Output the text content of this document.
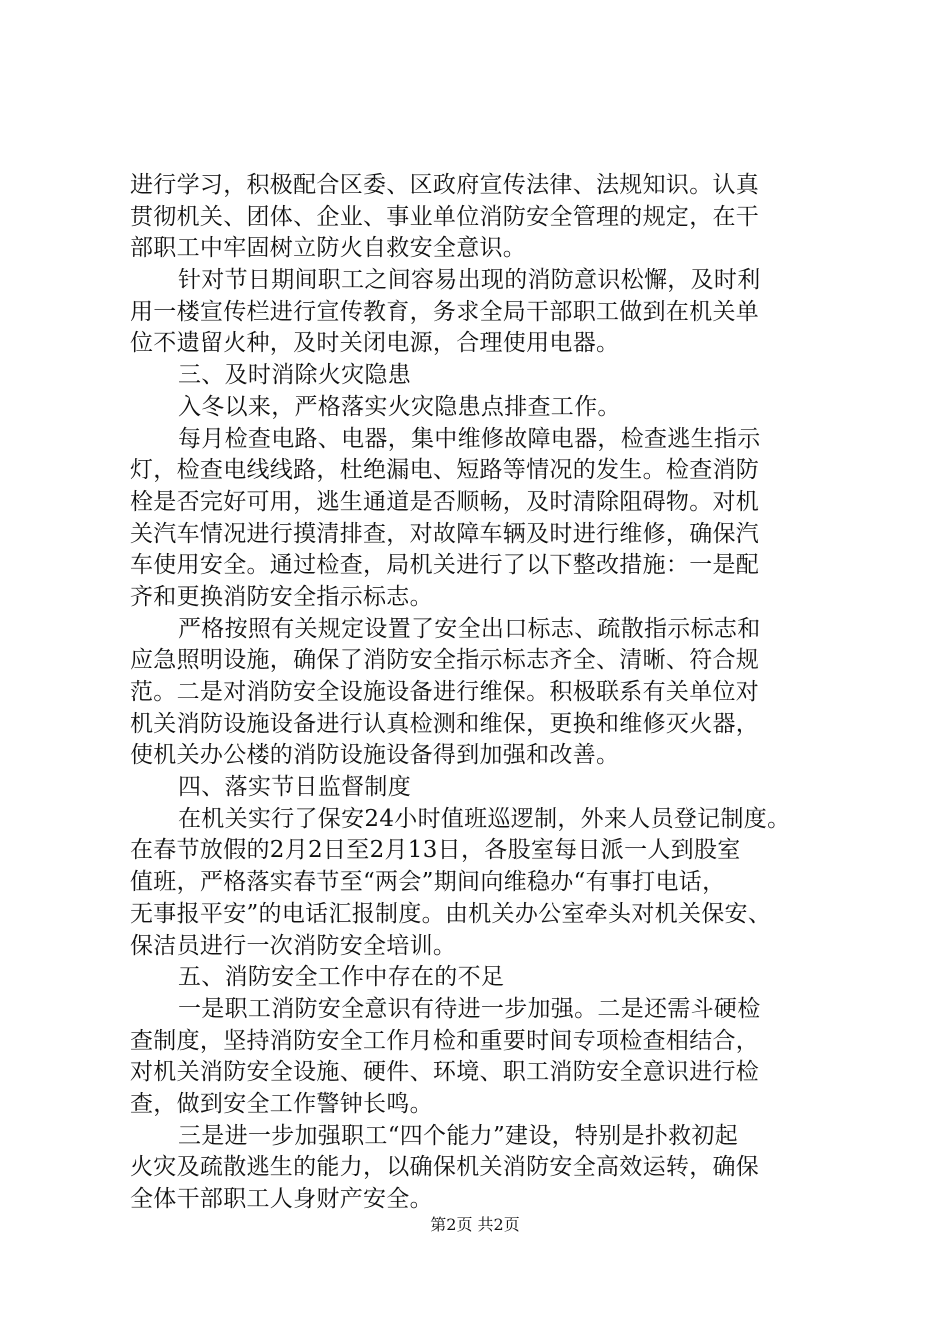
进行学习，积极配合区委、区政府宣传法律、法规知识。认真
贯彻机关、团体、企业、事业单位消防安全管理的规定，在干
部职工中牢固树立防火自救安全意识。
针对节日期间职工之间容易出现的消防意识松懈，及时利
用一楼宣传栏进行宣传教育，务求全局干部职工做到在机关单
位不遗留火种，及时关闭电源，合理使用电器。
三、及时消除火灾隐患
入冬以来，严格落实火灾隐患点排查工作。
每月检查电路、电器，集中维修故障电器，检查逃生指示
灯，检查电线线路，杜绝漏电、短路等情况的发生。检查消防
栓是否完好可用，逃生通道是否顺畅，及时清除阻碍物。对机
关汽车情况进行摸清排查，对故障车辆及时进行维修，确保汽
车使用安全。通过检查，局机关进行了以下整改措施：一是配
齐和更换消防安全指示标志。
严格按照有关规定设置了安全出口标志、疏散指示标志和
应急照明设施，确保了消防安全指示标志齐全、清晰、符合规
范。二是对消防安全设施设备进行维保。积极联系有关单位对
机关消防设施设备进行认真检测和维保，更换和维修灭火器，
使机关办公楼的消防设施设备得到加强和改善。
四、落实节日监督制度
在机关实行了保安24小时值班巡逻制，外来人员登记制度。
在春节放假的2月2日至2月13日，各股室每日派一人到股室
值班，严格落实春节至“两会”期间向维稳办“有事打电话，
无事报平安”的电话汇报制度。由机关办公室牵头对机关保安、
保洁员进行一次消防安全培训。
五、消防安全工作中存在的不足
一是职工消防安全意识有待进一步加强。二是还需斗硬检
查制度，坚持消防安全工作月检和重要时间专项检查相结合，
对机关消防安全设施、硬件、环境、职工消防安全意识进行检
查，做到安全工作警钟长鸣。
三是进一步加强职工“四个能力”建设，特别是扑救初起
火灾及疏散逃生的能力，以确保机关消防安全高效运转，确保
全体干部职工人身财产安全。
第2页 共2页
